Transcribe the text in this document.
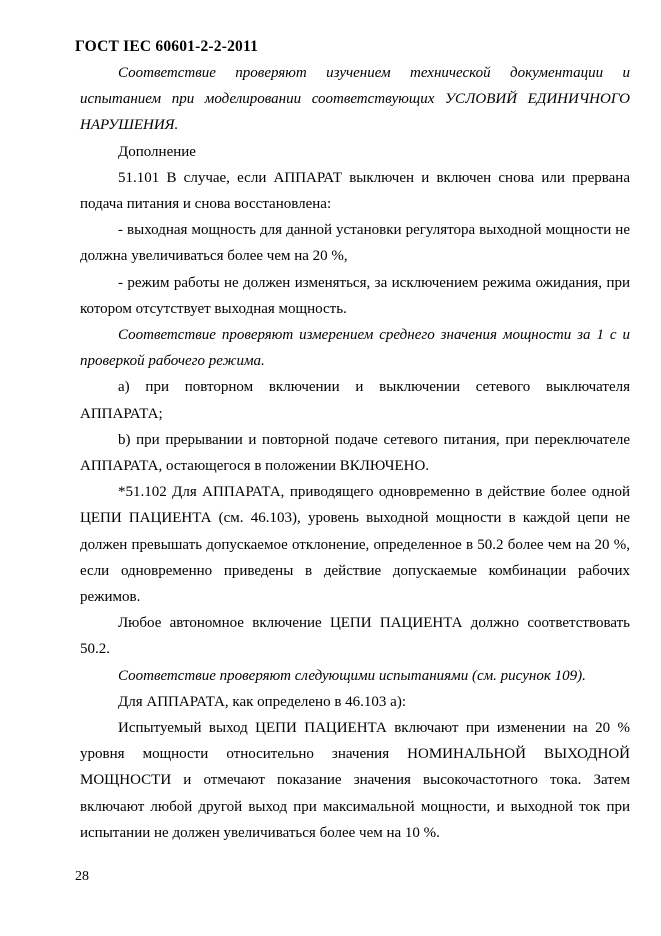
ГОСТ IEC 60601-2-2-2011

Соответствие проверяют изучением технической документации и испытанием при моделировании соответствующих УСЛОВИЙ ЕДИНИЧНОГО НАРУШЕНИЯ.

Дополнение

51.101 В случае, если АППАРАТ выключен и включен снова или прервана подача питания и снова восстановлена:

- выходная мощность для данной установки регулятора выходной мощности не должна увеличиваться более чем на 20 %,

- режим работы не должен изменяться, за исключением режима ожидания, при котором отсутствует выходная мощность.

Соответствие проверяют измерением среднего значения мощности за 1 с и проверкой рабочего режима.

а) при повторном включении и выключении сетевого выключателя АППАРАТА;

b) при прерывании и повторной подаче сетевого питания, при переключателе АППАРАТА, остающегося в положении ВКЛЮЧЕНО.

*51.102 Для АППАРАТА, приводящего одновременно в действие более одной ЦЕПИ ПАЦИЕНТА (см. 46.103), уровень выходной мощности в каждой цепи не должен превышать допускаемое отклонение, определенное в 50.2 более чем на 20 %, если одновременно приведены в действие допускаемые комбинации рабочих режимов.

Любое автономное включение ЦЕПИ ПАЦИЕНТА должно соответствовать 50.2.

Соответствие проверяют следующими испытаниями (см. рисунок 109).

Для АППАРАТА, как определено в 46.103 а):

Испытуемый выход ЦЕПИ ПАЦИЕНТА включают при изменении на 20 % уровня мощности относительно значения НОМИНАЛЬНОЙ ВЫХОДНОЙ МОЩНОСТИ и отмечают показание значения высокочастотного тока. Затем включают любой другой выход при максимальной мощности, и выходной ток при испытании не должен увеличиваться более чем на 10 %.

28
